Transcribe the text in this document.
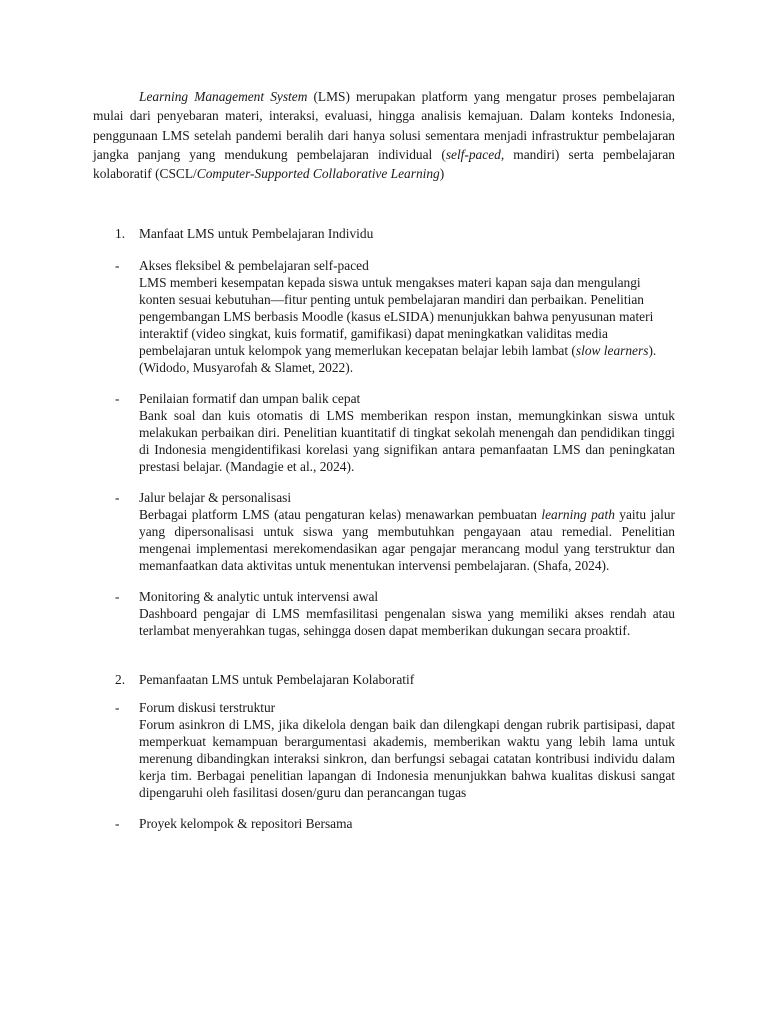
Learning Management System (LMS) merupakan platform yang mengatur proses pembelajaran mulai dari penyebaran materi, interaksi, evaluasi, hingga analisis kemajuan. Dalam konteks Indonesia, penggunaan LMS setelah pandemi beralih dari hanya solusi sementara menjadi infrastruktur pembelajaran jangka panjang yang mendukung pembelajaran individual (self-paced, mandiri) serta pembelajaran kolaboratif (CSCL/Computer-Supported Collaborative Learning)

1. Manfaat LMS untuk Pembelajaran Individu
- Akses fleksibel & pembelajaran self-paced
LMS memberi kesempatan kepada siswa untuk mengakses materi kapan saja dan mengulangi konten sesuai kebutuhan—fitur penting untuk pembelajaran mandiri dan perbaikan. Penelitian pengembangan LMS berbasis Moodle (kasus eLSIDA) menunjukkan bahwa penyusunan materi interaktif (video singkat, kuis formatif, gamifikasi) dapat meningkatkan validitas media pembelajaran untuk kelompok yang memerlukan kecepatan belajar lebih lambat (slow learners). (Widodo, Musyarofah & Slamet, 2022).
- Penilaian formatif dan umpan balik cepat
Bank soal dan kuis otomatis di LMS memberikan respon instan, memungkinkan siswa untuk melakukan perbaikan diri. Penelitian kuantitatif di tingkat sekolah menengah dan pendidikan tinggi di Indonesia mengidentifikasi korelasi yang signifikan antara pemanfaatan LMS dan peningkatan prestasi belajar. (Mandagie et al., 2024).
- Jalur belajar & personalisasi
Berbagai platform LMS (atau pengaturan kelas) menawarkan pembuatan learning path yaitu jalur yang dipersonalisasi untuk siswa yang membutuhkan pengayaan atau remedial. Penelitian mengenai implementasi merekomendasikan agar pengajar merancang modul yang terstruktur dan memanfaatkan data aktivitas untuk menentukan intervensi pembelajaran. (Shafa, 2024).
- Monitoring & analytic untuk intervensi awal
Dashboard pengajar di LMS memfasilitasi pengenalan siswa yang memiliki akses rendah atau terlambat menyerahkan tugas, sehingga dosen dapat memberikan dukungan secara proaktif.
2. Pemanfaatan LMS untuk Pembelajaran Kolaboratif
- Forum diskusi terstruktur
Forum asinkron di LMS, jika dikelola dengan baik dan dilengkapi dengan rubrik partisipasi, dapat memperkuat kemampuan berargumentasi akademis, memberikan waktu yang lebih lama untuk merenung dibandingkan interaksi sinkron, dan berfungsi sebagai catatan kontribusi individu dalam kerja tim. Berbagai penelitian lapangan di Indonesia menunjukkan bahwa kualitas diskusi sangat dipengaruhi oleh fasilitasi dosen/guru dan perancangan tugas
- Proyek kelompok & repositori Bersama
